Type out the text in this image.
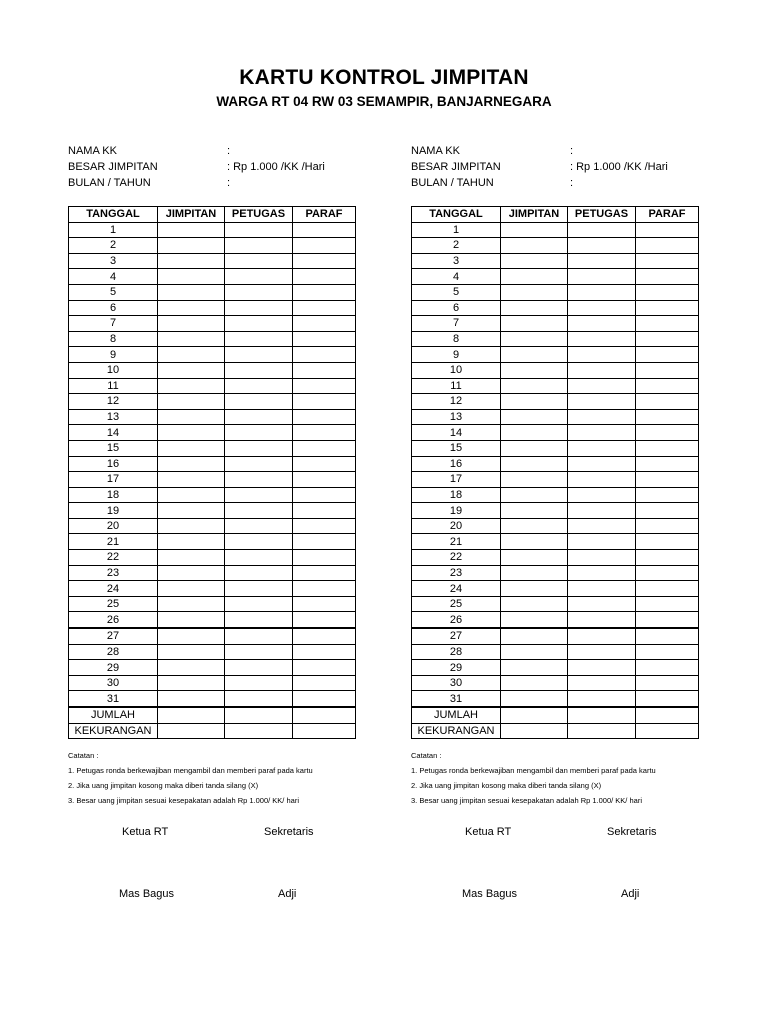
KARTU KONTROL JIMPITAN
WARGA RT 04 RW 03 SEMAMPIR, BANJARNEGARA
NAMA KK	:
BESAR JIMPITAN	: Rp 1.000 /KK /Hari
BULAN / TAHUN	:
TANGGAL	JIMPITAN	PETUGAS	PARAF
1			
2			
3			
4			
5			
6			
7			
8			
9			
10			
11			
12			
13			
14			
15			
16			
17			
18			
19			
20			
21			
22			
23			
24			
25			
26			
27			
28			
29			
30			
31			
JUMLAH			
KEKURANGAN			
Catatan :
1. Petugas ronda berkewajiban mengambil dan memberi paraf pada kartu
2. Jika uang jimpitan kosong maka diberi tanda silang (X)
3. Besar uang jimpitan sesuai kesepakatan adalah Rp 1.000/ KK/ hari
Ketua RT	Sekretaris
Mas Bagus	Adji
NAMA KK	:
BESAR JIMPITAN	: Rp 1.000 /KK /Hari
BULAN / TAHUN	:
TANGGAL	JIMPITAN	PETUGAS	PARAF
1			
2			
3			
4			
5			
6			
7			
8			
9			
10			
11			
12			
13			
14			
15			
16			
17			
18			
19			
20			
21			
22			
23			
24			
25			
26			
27			
28			
29			
30			
31			
JUMLAH			
KEKURANGAN			
Catatan :
1. Petugas ronda berkewajiban mengambil dan memberi paraf pada kartu
2. Jika uang jimpitan kosong maka diberi tanda silang (X)
3. Besar uang jimpitan sesuai kesepakatan adalah Rp 1.000/ KK/ hari
Ketua RT	Sekretaris
Mas Bagus	Adji
